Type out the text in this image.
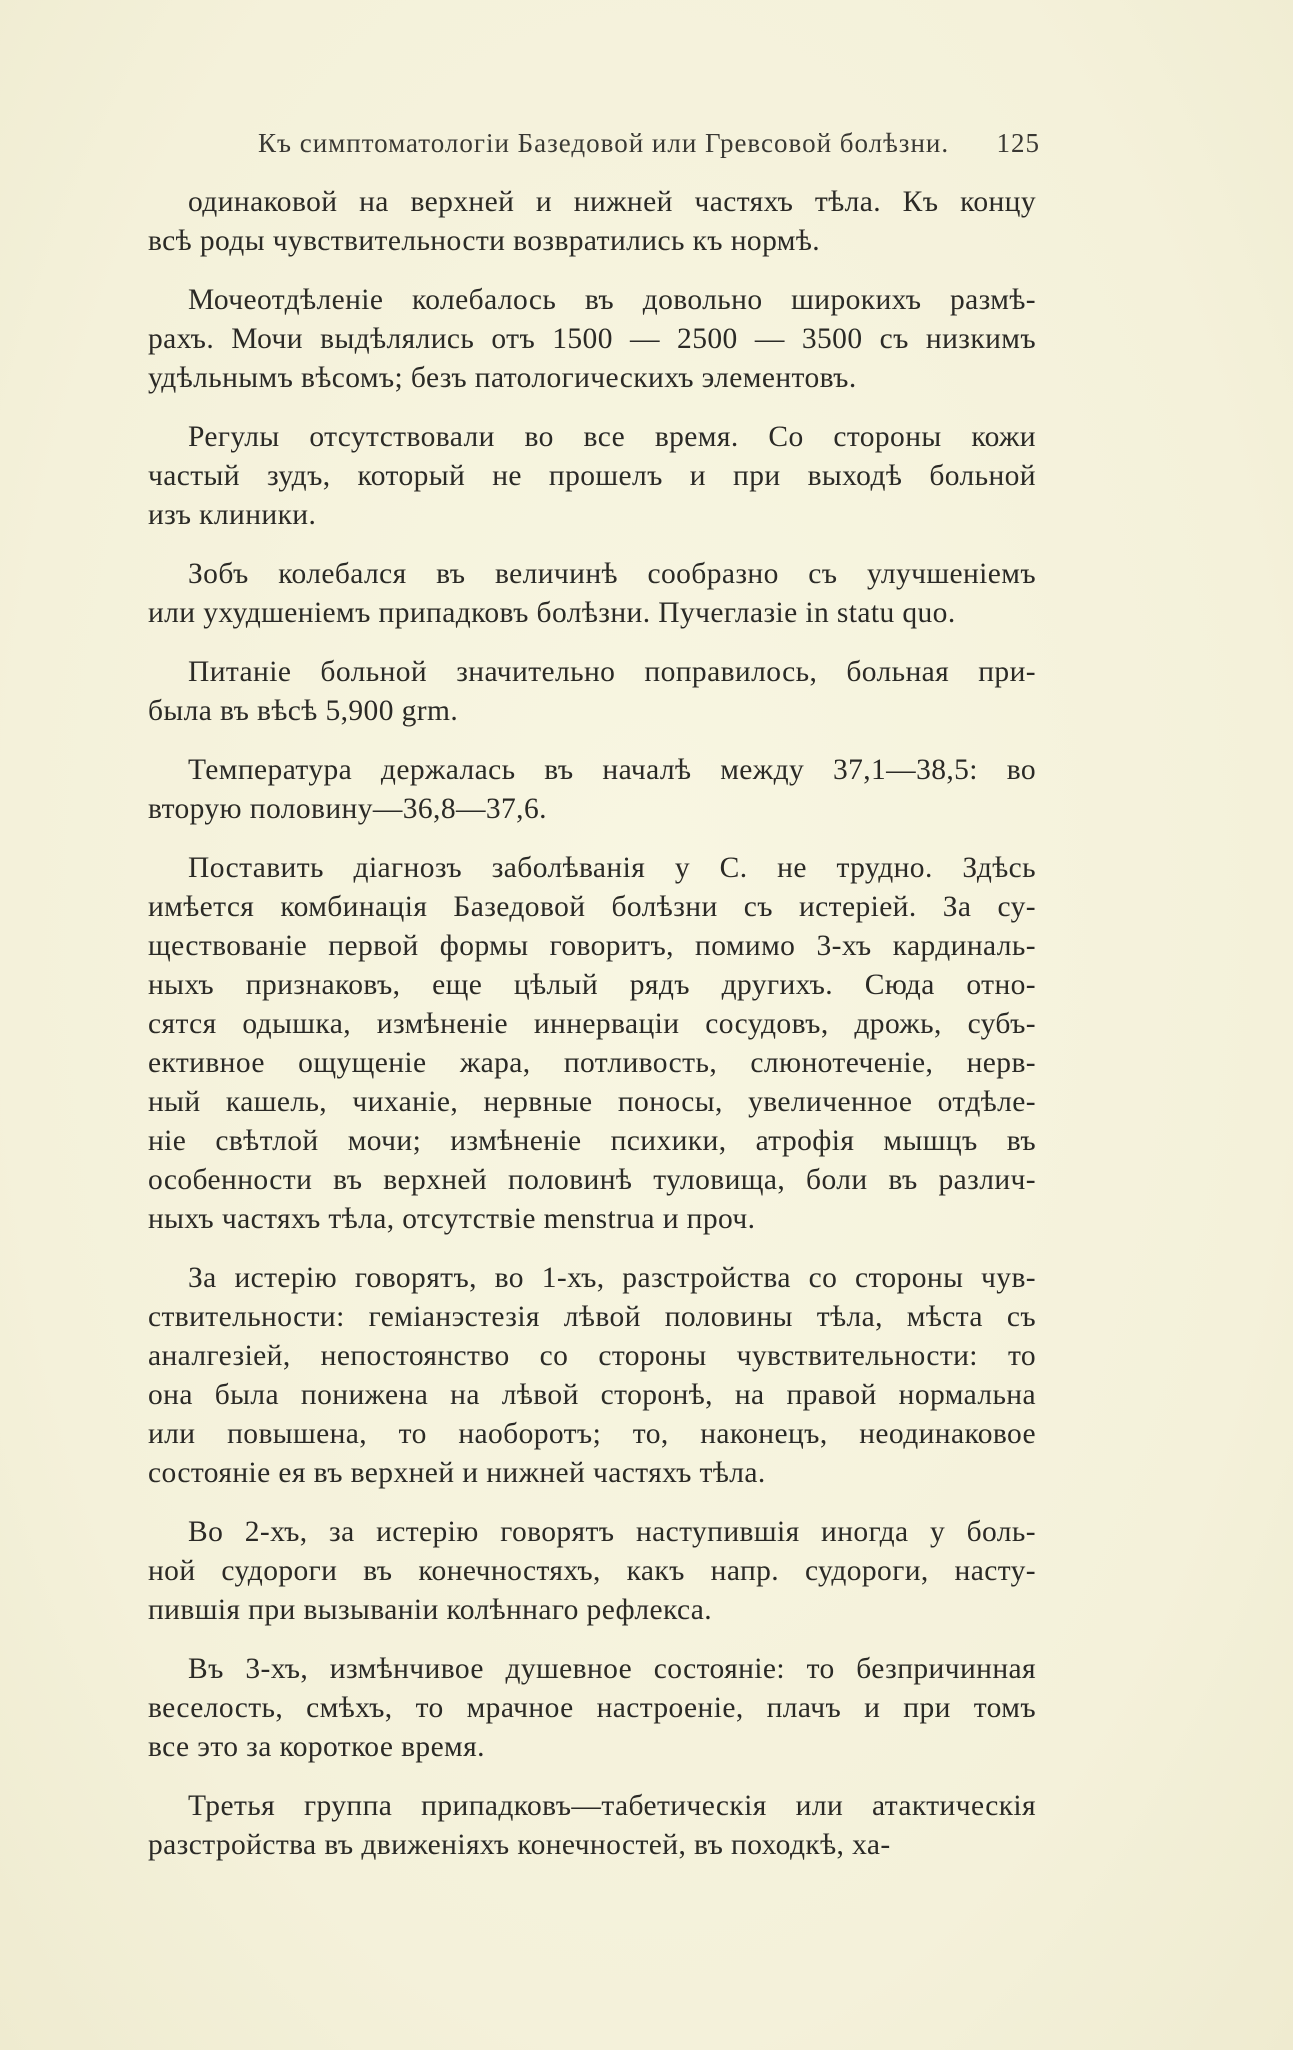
Къ симптоматологіи Базедовой или Гревсовой болѣзни. 125
одинаковой на верхней и нижней частяхъ тѣла. Къ концу
всѣ роды чувствительности возвратились къ нормѣ.
Мочеотдѣленіе колебалось въ довольно широкихъ размѣ-
рахъ. Мочи выдѣлялись отъ 1500 — 2500 — 3500 съ низкимъ
удѣльнымъ вѣсомъ; безъ патологическихъ элементовъ.
Регулы отсутствовали во все время. Со стороны кожи
частый зудъ, который не прошелъ и при выходѣ больной
изъ клиники.
Зобъ колебался въ величинѣ сообразно съ улучшеніемъ
или ухудшеніемъ припадковъ болѣзни. Пучеглазіе in statu quo.
Питаніе больной значительно поправилось, больная при-
была въ вѣсѣ 5,900 grm.
Температура держалась въ началѣ между 37,1—38,5: во
вторую половину—36,8—37,6.
Поставить діагнозъ заболѣванія у С. не трудно. Здѣсь
имѣется комбинація Базедовой болѣзни съ истеріей. За су-
ществованіе первой формы говоритъ, помимо 3-хъ кардиналь-
ныхъ признаковъ, еще цѣлый рядъ другихъ. Сюда отно-
сятся одышка, измѣненіе иннерваціи сосудовъ, дрожь, субъ-
ективное ощущеніе жара, потливость, слюнотеченіе, нерв-
ный кашель, чиханіе, нервные поносы, увеличенное отдѣле-
ніе свѣтлой мочи; измѣненіе психики, атрофія мышцъ въ
особенности въ верхней половинѣ туловища, боли въ различ-
ныхъ частяхъ тѣла, отсутствіе menstrua и проч.
За истерію говорятъ, во 1-хъ, разстройства со стороны чув-
ствительности: геміанэстезія лѣвой половины тѣла, мѣста съ
аналгезіей, непостоянство со стороны чувствительности: то
она была понижена на лѣвой сторонѣ, на правой нормальна
или повышена, то наоборотъ; то, наконецъ, неодинаковое
состояніе ея въ верхней и нижней частяхъ тѣла.
Во 2-хъ, за истерію говорятъ наступившія иногда у боль-
ной судороги въ конечностяхъ, какъ напр. судороги, насту-
пившія при вызываніи колѣннаго рефлекса.
Въ 3-хъ, измѣнчивое душевное состояніе: то безпричинная
веселость, смѣхъ, то мрачное настроеніе, плачъ и при томъ
все это за короткое время.
Третья группа припадковъ—табетическія или атактическія
разстройства въ движеніяхъ конечностей, въ походкѣ, ха-
